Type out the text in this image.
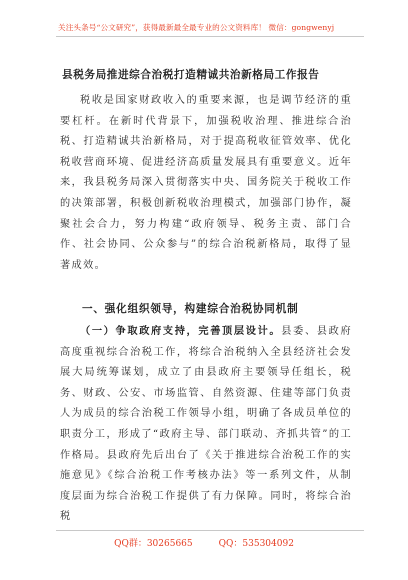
关注头条号“公文研究”，获得最新最全最专业的公文资料库！ 微信：gongwenyj
县税务局推进综合治税打造精诚共治新格局工作报告

税收是国家财政收入的重要来源，也是调节经济的重要杠杆。在新时代背景下，加强税收治理、推进综合治税、打造精诚共治新格局，对于提高税收征管效率、优化税收营商环境、促进经济高质量发展具有重要意义。近年来，我县税务局深入贯彻落实中央、国务院关于税收工作的决策部署，积极创新税收治理模式，加强部门协作，凝聚社会合力，努力构建“政府领导、税务主责、部门合作、社会协同、公众参与”的综合治税新格局，取得了显著成效。

一、强化组织领导，构建综合治税协同机制

（一）争取政府支持，完善顶层设计。县委、县政府高度重视综合治税工作，将综合治税纳入全县经济社会发展大局统筹谋划，成立了由县政府主要领导任组长，税务、财政、公安、市场监管、自然资源、住建等部门负责人为成员的综合治税工作领导小组，明确了各成员单位的职责分工，形成了“政府主导、部门联动、齐抓共管”的工作格局。县政府先后出台了《关于推进综合治税工作的实施意见》《综合治税工作考核办法》等一系列文件，从制度层面为综合治税工作提供了有力保障。同时，将综合治税

QQ群：30265665	QQ：535304092
